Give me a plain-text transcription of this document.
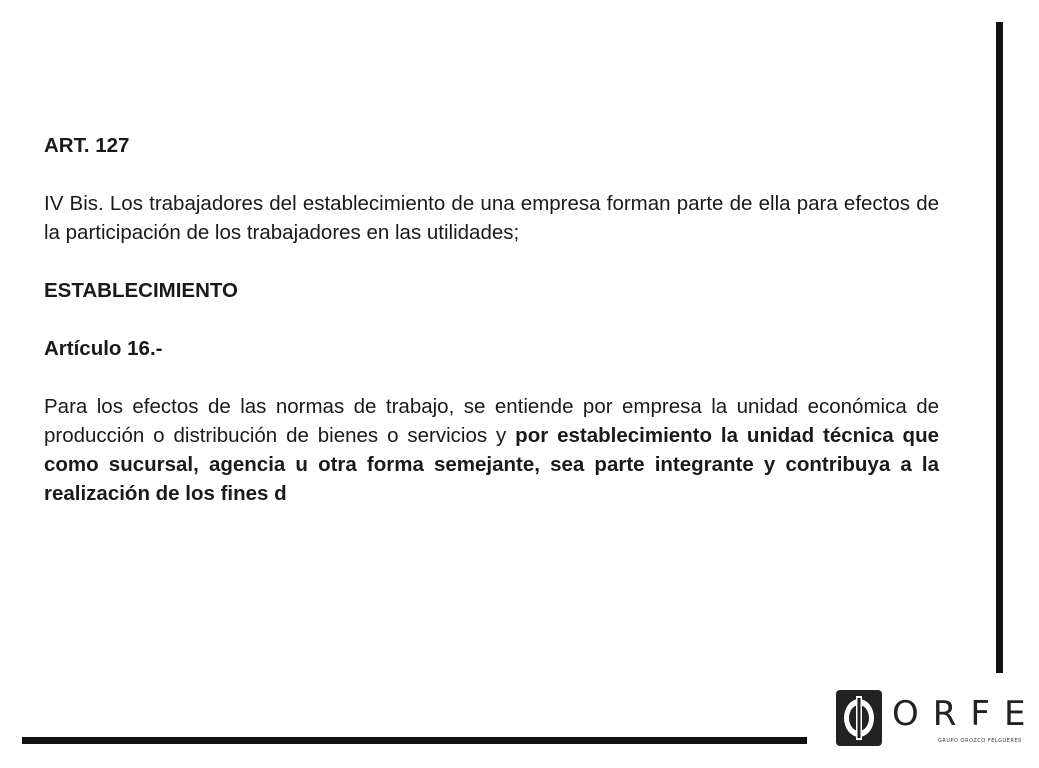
ART. 127

IV Bis. Los trabajadores del establecimiento de una empresa forman parte de ella para efectos de la participación de los trabajadores en las utilidades;

ESTABLECIMIENTO

Artículo 16.-

Para los efectos de las normas de trabajo, se entiende por empresa la unidad económica de producción o distribución de bienes o servicios y por establecimiento la unidad técnica que como sucursal, agencia u otra forma semejante, sea parte integrante y contribuya a la realización de los fines d

ORFE
GRUPO OROZCO FELGUERES
